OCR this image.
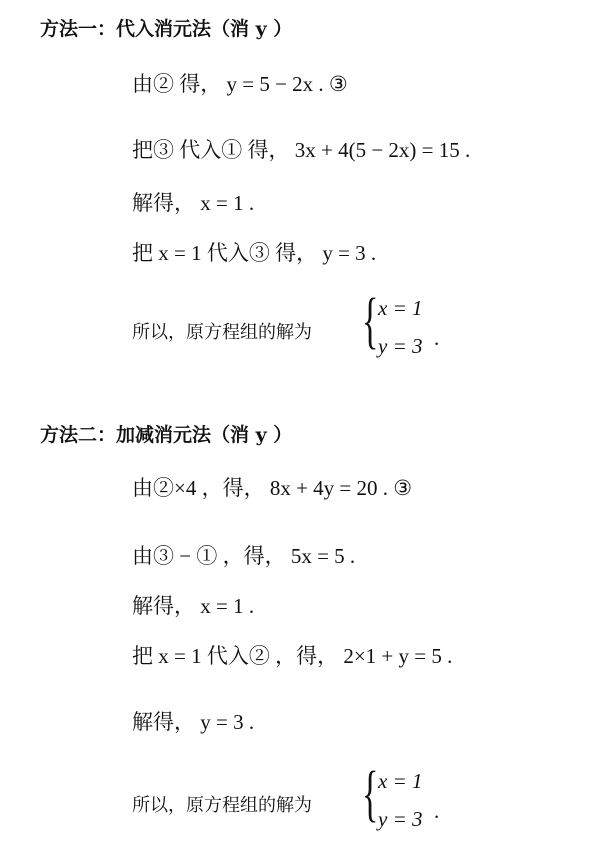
方法一：代入消元法（消 y ）
由② 得， y = 5 − 2x . ③
把③ 代入① 得， 3x + 4(5 − 2x) = 15 .
解得， x = 1 .
把 x = 1 代入③ 得， y = 3 .
所以，原方程组的解为 { x = 1
y = 3 .
方法二：加减消元法（消 y ）
由②×4 ，得， 8x + 4y = 20 . ③
由③ − ① ，得， 5x = 5 .
解得， x = 1 .
把 x = 1 代入② ，得， 2×1 + y = 5 .
解得， y = 3 .
所以，原方程组的解为 { x = 1
y = 3 .
